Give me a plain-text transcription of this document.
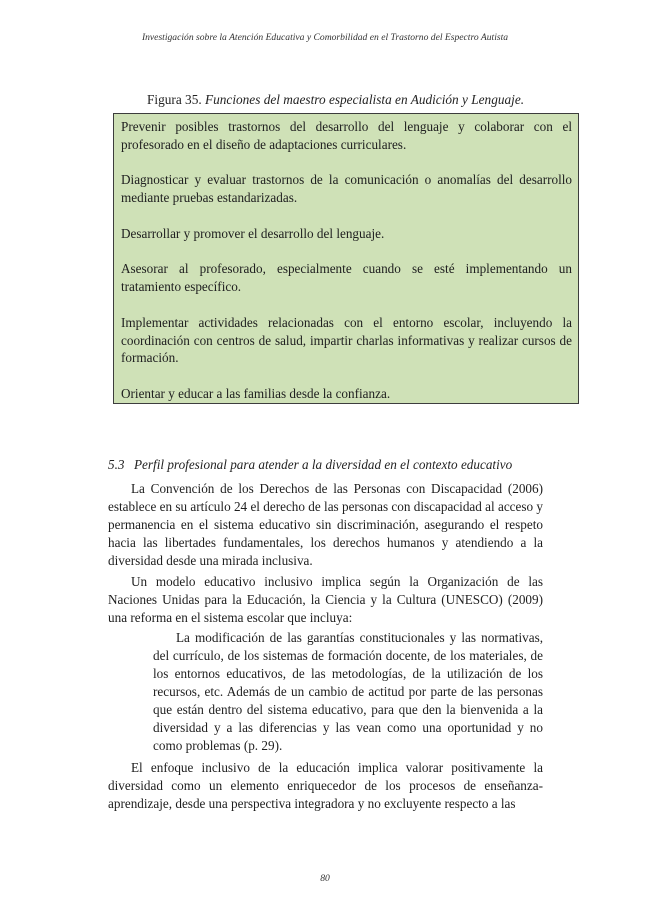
Investigación sobre la Atención Educativa y Comorbilidad en el Trastorno del Espectro Autista
Figura 35. Funciones del maestro especialista en Audición y Lenguaje.

Prevenir posibles trastornos del desarrollo del lenguaje y colaborar con el profesorado en el diseño de adaptaciones curriculares.

Diagnosticar y evaluar trastornos de la comunicación o anomalías del desarrollo mediante pruebas estandarizadas.

Desarrollar y promover el desarrollo del lenguaje.

Asesorar al profesorado, especialmente cuando se esté implementando un tratamiento específico.

Implementar actividades relacionadas con el entorno escolar, incluyendo la coordinación con centros de salud, impartir charlas informativas y realizar cursos de formación.

Orientar y educar a las familias desde la confianza.

5.3 Perfil profesional para atender a la diversidad en el contexto educativo

La Convención de los Derechos de las Personas con Discapacidad (2006) establece en su artículo 24 el derecho de las personas con discapacidad al acceso y permanencia en el sistema educativo sin discriminación, asegurando el respeto hacia las libertades fundamentales, los derechos humanos y atendiendo a la diversidad desde una mirada inclusiva.

Un modelo educativo inclusivo implica según la Organización de las Naciones Unidas para la Educación, la Ciencia y la Cultura (UNESCO) (2009) una reforma en el sistema escolar que incluya:

La modificación de las garantías constitucionales y las normativas, del currículo, de los sistemas de formación docente, de los materiales, de los entornos educativos, de las metodologías, de la utilización de los recursos, etc. Además de un cambio de actitud por parte de las personas que están dentro del sistema educativo, para que den la bienvenida a la diversidad y a las diferencias y las vean como una oportunidad y no como problemas (p. 29).

El enfoque inclusivo de la educación implica valorar positivamente la diversidad como un elemento enriquecedor de los procesos de enseñanza-aprendizaje, desde una perspectiva integradora y no excluyente respecto a las

80
